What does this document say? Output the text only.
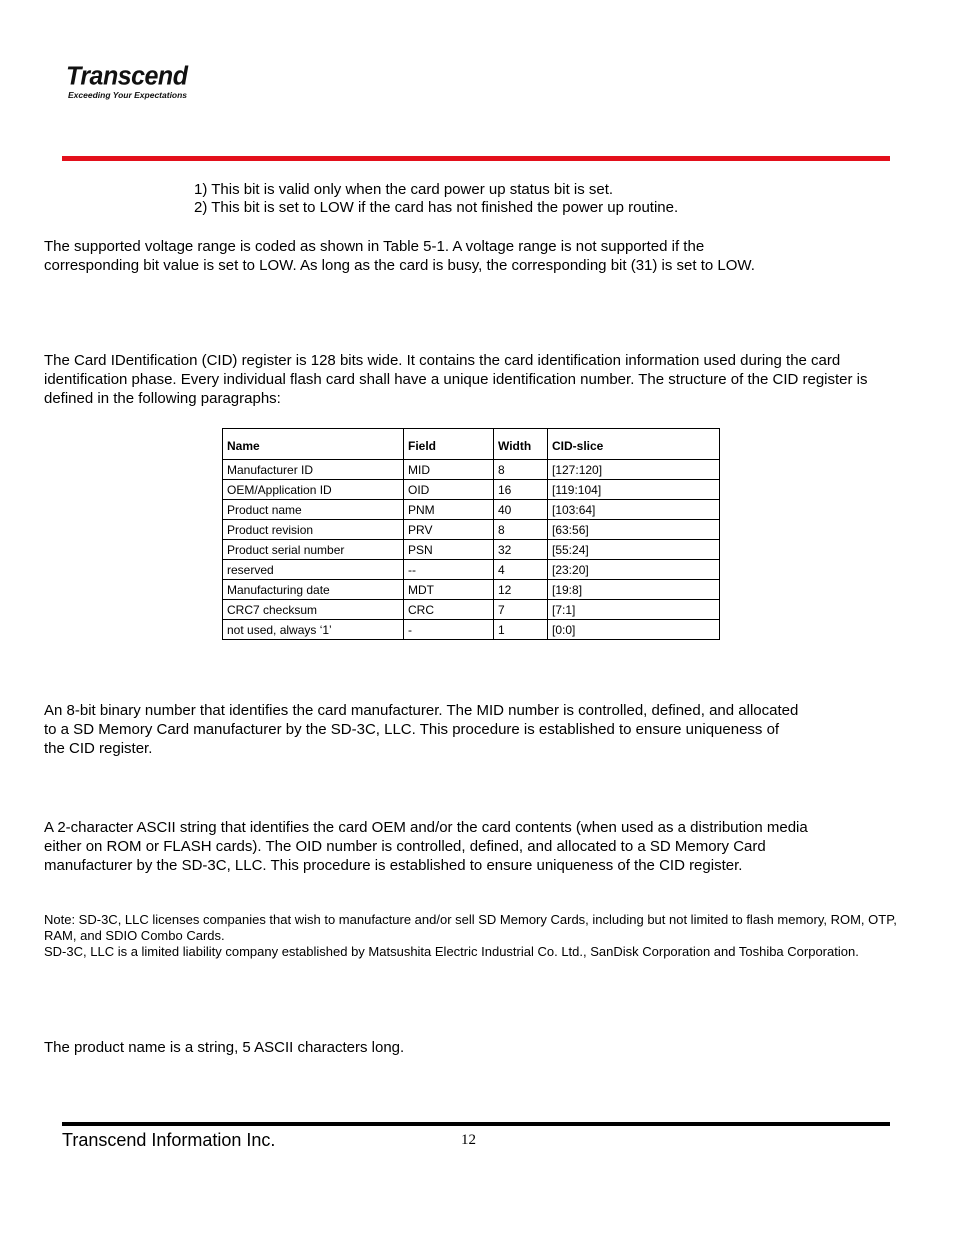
Transcend
Exceeding Your Expectations
1) This bit is valid only when the card power up status bit is set.
2) This bit is set to LOW if the card has not finished the power up routine.

The supported voltage range is coded as shown in Table 5-1. A voltage range is not supported if the corresponding bit value is set to LOW. As long as the card is busy, the corresponding bit (31) is set to LOW.

The Card IDentification (CID) register is 128 bits wide. It contains the card identification information used during the card identification phase. Every individual flash card shall have a unique identification number. The structure of the CID register is defined in the following paragraphs:

Name	Field	Width	CID-slice
Manufacturer ID	MID	8	[127:120]
OEM/Application ID	OID	16	[119:104]
Product name	PNM	40	[103:64]
Product revision	PRV	8	[63:56]
Product serial number	PSN	32	[55:24]
reserved	--	4	[23:20]
Manufacturing date	MDT	12	[19:8]
CRC7 checksum	CRC	7	[7:1]
not used, always ‘1’	-	1	[0:0]

An 8-bit binary number that identifies the card manufacturer. The MID number is controlled, defined, and allocated to a SD Memory Card manufacturer by the SD-3C, LLC. This procedure is established to ensure uniqueness of the CID register.

A 2-character ASCII string that identifies the card OEM and/or the card contents (when used as a distribution media either on ROM or FLASH cards). The OID number is controlled, defined, and allocated to a SD Memory Card manufacturer by the SD-3C, LLC. This procedure is established to ensure uniqueness of the CID register.

Note: SD-3C, LLC licenses companies that wish to manufacture and/or sell SD Memory Cards, including but not limited to flash memory, ROM, OTP, RAM, and SDIO Combo Cards.

SD-3C, LLC is a limited liability company established by Matsushita Electric Industrial Co. Ltd., SanDisk Corporation and Toshiba Corporation.

The product name is a string, 5 ASCII characters long.

Transcend Information Inc.	12
